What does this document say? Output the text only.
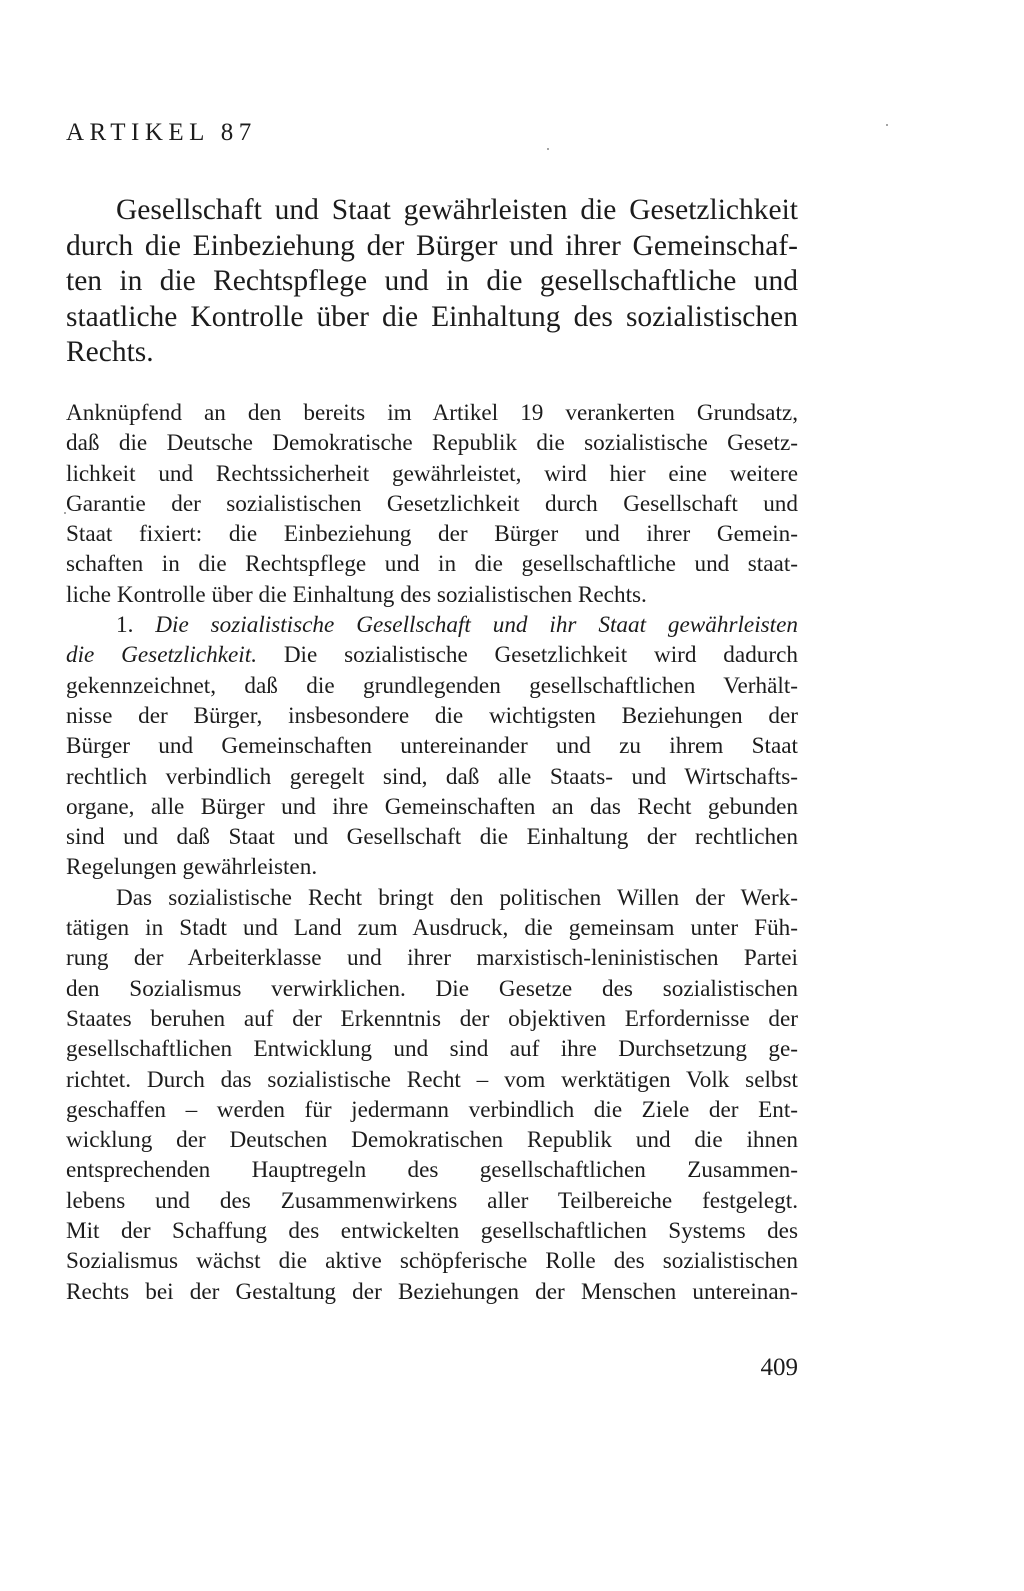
ARTIKEL 87
Gesellschaft und Staat gewährleisten die Gesetzlichkeit
durch die Einbeziehung der Bürger und ihrer Gemeinschaf-
ten in die Rechtspflege und in die gesellschaftliche und
staatliche Kontrolle über die Einhaltung des sozialistischen
Rechts.
Anknüpfend an den bereits im Artikel 19 verankerten Grundsatz,
daß die Deutsche Demokratische Republik die sozialistische Gesetz-
lichkeit und Rechtssicherheit gewährleistet, wird hier eine weitere
Garantie der sozialistischen Gesetzlichkeit durch Gesellschaft und
Staat fixiert: die Einbeziehung der Bürger und ihrer Gemein-
schaften in die Rechtspflege und in die gesellschaftliche und staat-
liche Kontrolle über die Einhaltung des sozialistischen Rechts.
1. Die sozialistische Gesellschaft und ihr Staat gewährleisten
die Gesetzlichkeit. Die sozialistische Gesetzlichkeit wird dadurch
gekennzeichnet, daß die grundlegenden gesellschaftlichen Verhält-
nisse der Bürger, insbesondere die wichtigsten Beziehungen der
Bürger und Gemeinschaften untereinander und zu ihrem Staat
rechtlich verbindlich geregelt sind, daß alle Staats- und Wirtschafts-
organe, alle Bürger und ihre Gemeinschaften an das Recht gebunden
sind und daß Staat und Gesellschaft die Einhaltung der rechtlichen
Regelungen gewährleisten.
Das sozialistische Recht bringt den politischen Willen der Werk-
tätigen in Stadt und Land zum Ausdruck, die gemeinsam unter Füh-
rung der Arbeiterklasse und ihrer marxistisch-leninistischen Partei
den Sozialismus verwirklichen. Die Gesetze des sozialistischen
Staates beruhen auf der Erkenntnis der objektiven Erfordernisse der
gesellschaftlichen Entwicklung und sind auf ihre Durchsetzung ge-
richtet. Durch das sozialistische Recht – vom werktätigen Volk selbst
geschaffen – werden für jedermann verbindlich die Ziele der Ent-
wicklung der Deutschen Demokratischen Republik und die ihnen
entsprechenden Hauptregeln des gesellschaftlichen Zusammen-
lebens und des Zusammenwirkens aller Teilbereiche festgelegt.
Mit der Schaffung des entwickelten gesellschaftlichen Systems des
Sozialismus wächst die aktive schöpferische Rolle des sozialistischen
Rechts bei der Gestaltung der Beziehungen der Menschen untereinan-
409
